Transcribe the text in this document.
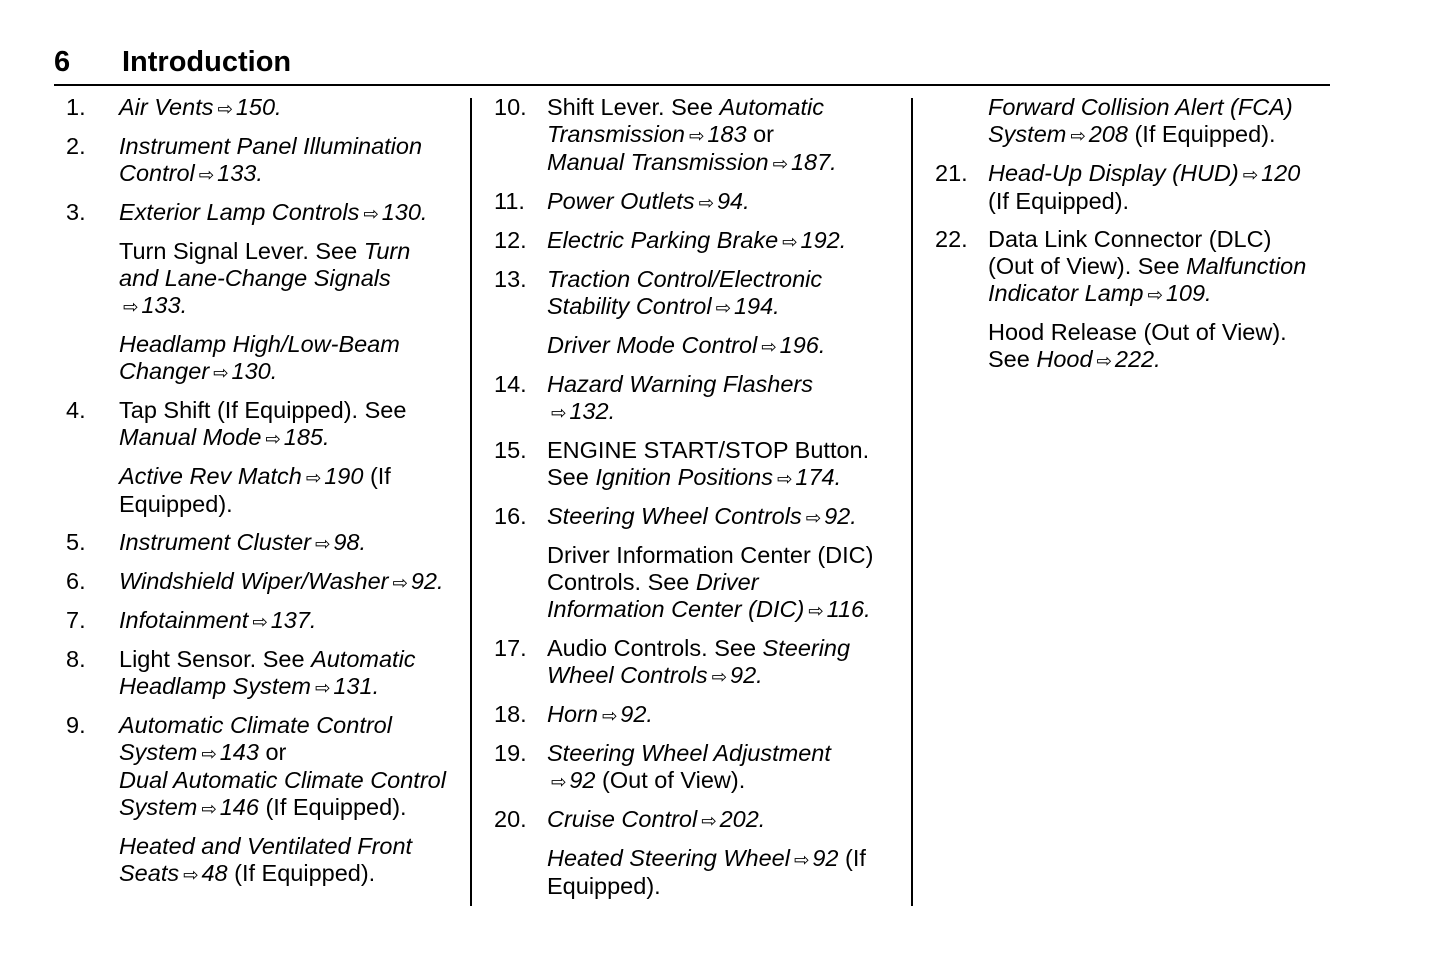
6 Introduction
1. Air Vents ⇨ 150.
2. Instrument Panel Illumination
Control ⇨ 133.
3. Exterior Lamp Controls ⇨ 130.
Turn Signal Lever. See Turn
and Lane-Change Signals
⇨ 133.
Headlamp High/Low-Beam
Changer ⇨ 130.
4. Tap Shift (If Equipped). See
Manual Mode ⇨ 185.
Active Rev Match ⇨ 190 (If
Equipped).
5. Instrument Cluster ⇨ 98.
6. Windshield Wiper/Washer ⇨ 92.
7. Infotainment ⇨ 137.
8. Light Sensor. See Automatic
Headlamp System ⇨ 131.
9. Automatic Climate Control
System ⇨ 143 or
Dual Automatic Climate Control
System ⇨ 146 (If Equipped).
Heated and Ventilated Front
Seats ⇨ 48 (If Equipped).
10. Shift Lever. See Automatic
Transmission ⇨ 183 or
Manual Transmission ⇨ 187.
11. Power Outlets ⇨ 94.
12. Electric Parking Brake ⇨ 192.
13. Traction Control/Electronic
Stability Control ⇨ 194.
Driver Mode Control ⇨ 196.
14. Hazard Warning Flashers
⇨ 132.
15. ENGINE START/STOP Button.
See Ignition Positions ⇨ 174.
16. Steering Wheel Controls ⇨ 92.
Driver Information Center (DIC)
Controls. See Driver
Information Center (DIC) ⇨ 116.
17. Audio Controls. See Steering
Wheel Controls ⇨ 92.
18. Horn ⇨ 92.
19. Steering Wheel Adjustment
⇨ 92 (Out of View).
20. Cruise Control ⇨ 202.
Heated Steering Wheel ⇨ 92 (If
Equipped).
Forward Collision Alert (FCA)
System ⇨ 208 (If Equipped).
21. Head-Up Display (HUD) ⇨ 120
(If Equipped).
22. Data Link Connector (DLC)
(Out of View). See Malfunction
Indicator Lamp ⇨ 109.
Hood Release (Out of View).
See Hood ⇨ 222.
